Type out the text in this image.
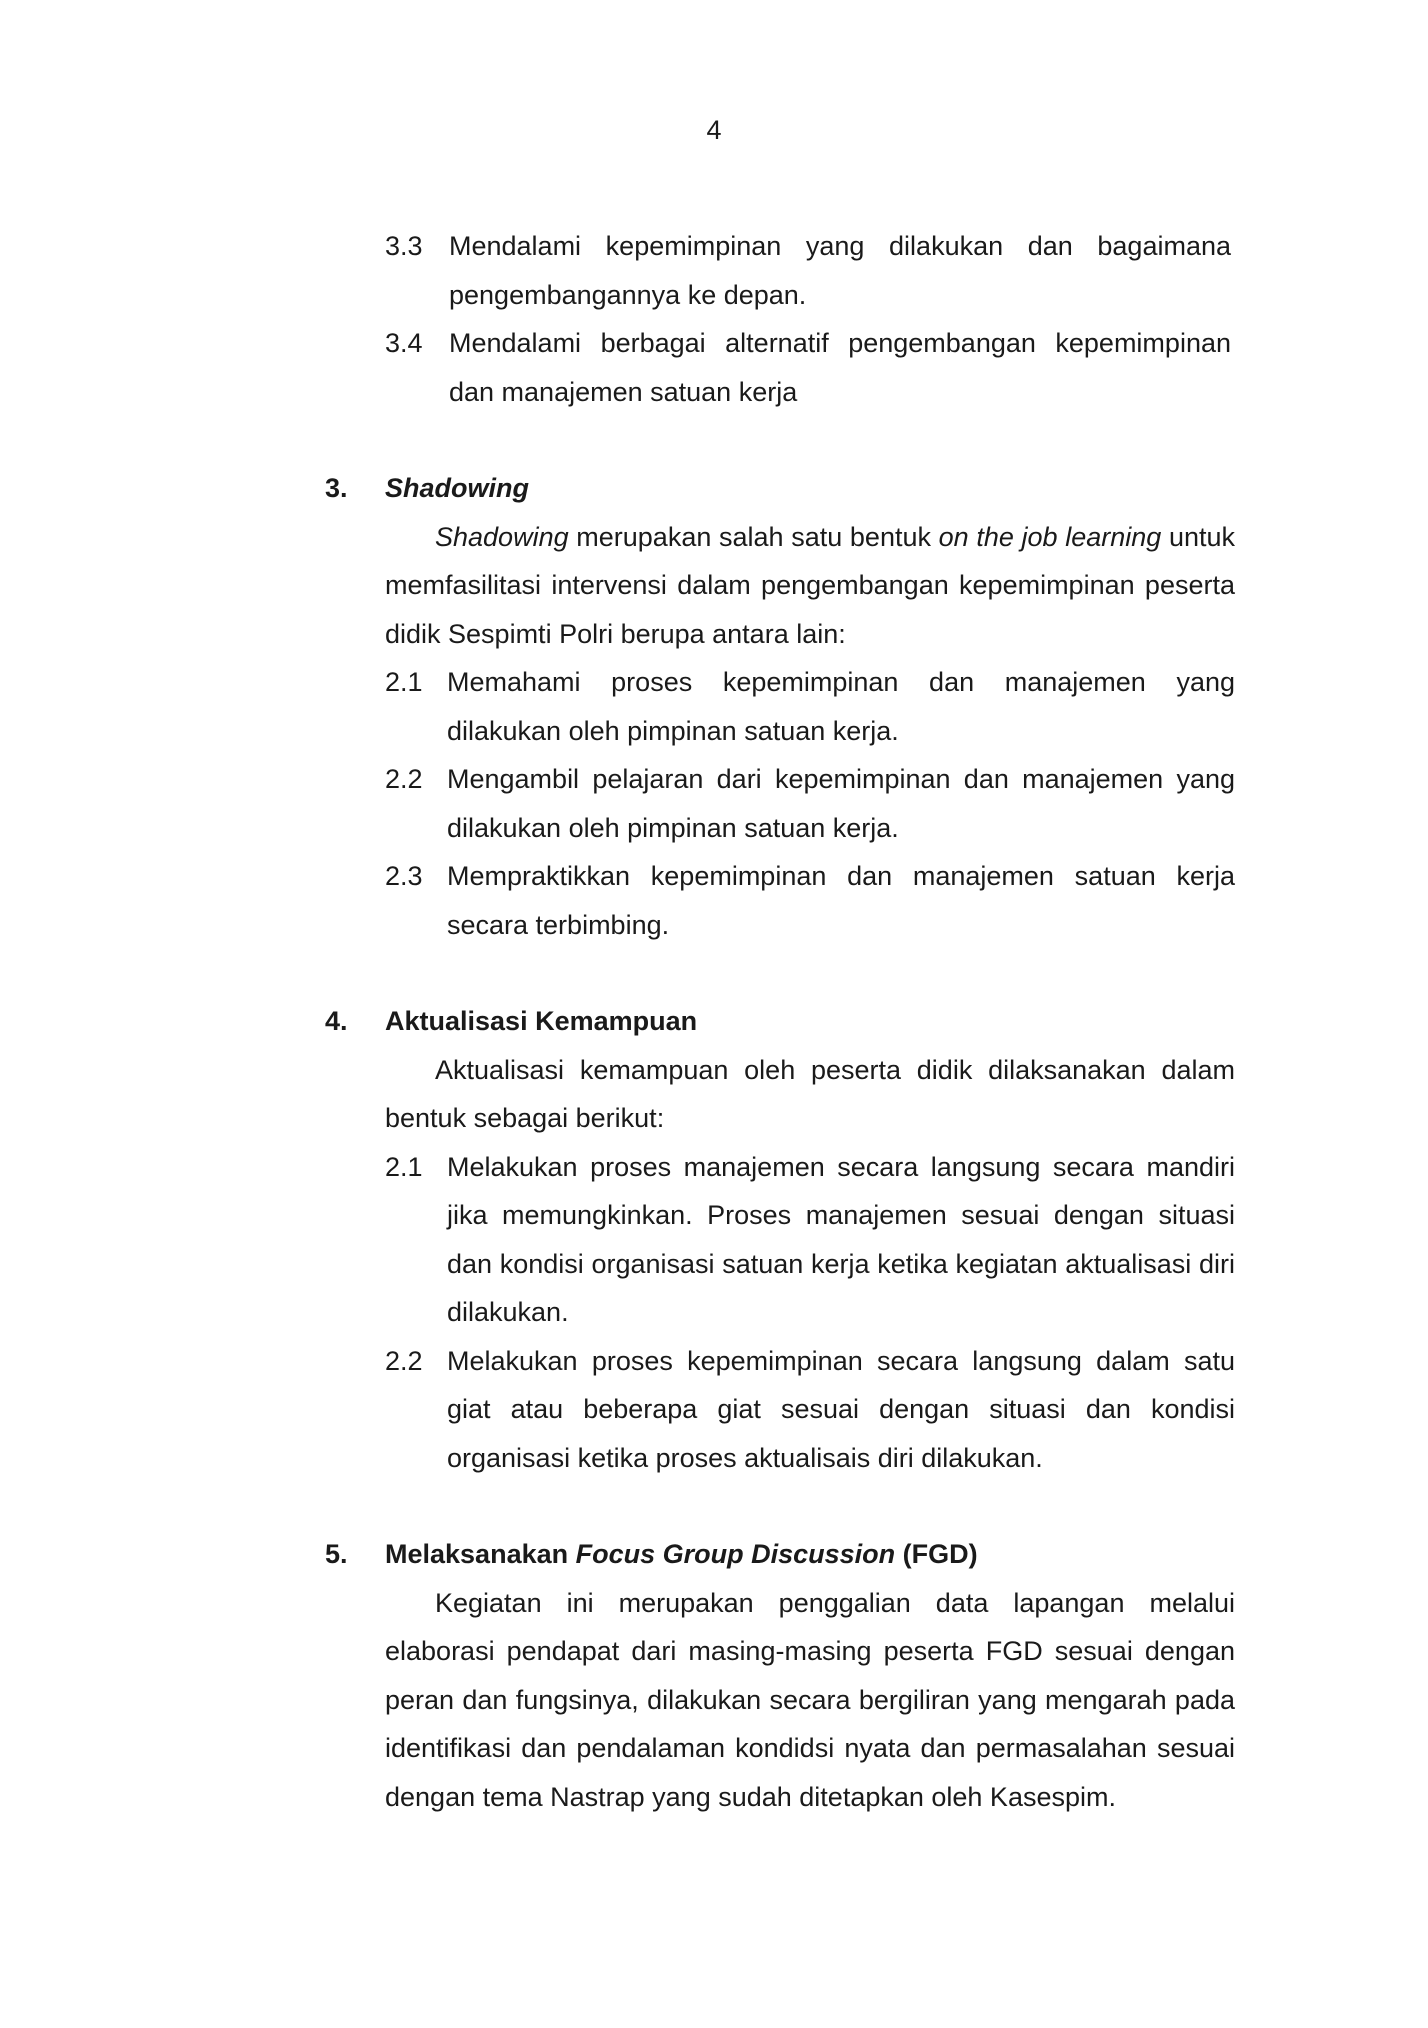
4
3.3 Mendalami kepemimpinan yang dilakukan dan bagaimana pengembangannya ke depan.
3.4 Mendalami berbagai alternatif pengembangan kepemimpinan dan manajemen satuan kerja
3. Shadowing
Shadowing merupakan salah satu bentuk on the job learning untuk memfasilitasi intervensi dalam pengembangan kepemimpinan peserta didik Sespimti Polri berupa antara lain:
2.1 Memahami proses kepemimpinan dan manajemen yang dilakukan oleh pimpinan satuan kerja.
2.2 Mengambil pelajaran dari kepemimpinan dan manajemen yang dilakukan oleh pimpinan satuan kerja.
2.3 Mempraktikkan kepemimpinan dan manajemen satuan kerja secara terbimbing.
4. Aktualisasi Kemampuan
Aktualisasi kemampuan oleh peserta didik dilaksanakan dalam bentuk sebagai berikut:
2.1 Melakukan proses manajemen secara langsung secara mandiri jika memungkinkan. Proses manajemen sesuai dengan situasi dan kondisi organisasi satuan kerja ketika kegiatan aktualisasi diri dilakukan.
2.2 Melakukan proses kepemimpinan secara langsung dalam satu giat atau beberapa giat sesuai dengan situasi dan kondisi organisasi ketika proses aktualisais diri dilakukan.
5. Melaksanakan Focus Group Discussion (FGD)
Kegiatan ini merupakan penggalian data lapangan melalui elaborasi pendapat dari masing-masing peserta FGD sesuai dengan peran dan fungsinya, dilakukan secara bergiliran yang mengarah pada identifikasi dan pendalaman kondidsi nyata dan permasalahan sesuai dengan tema Nastrap yang sudah ditetapkan oleh Kasespim.
